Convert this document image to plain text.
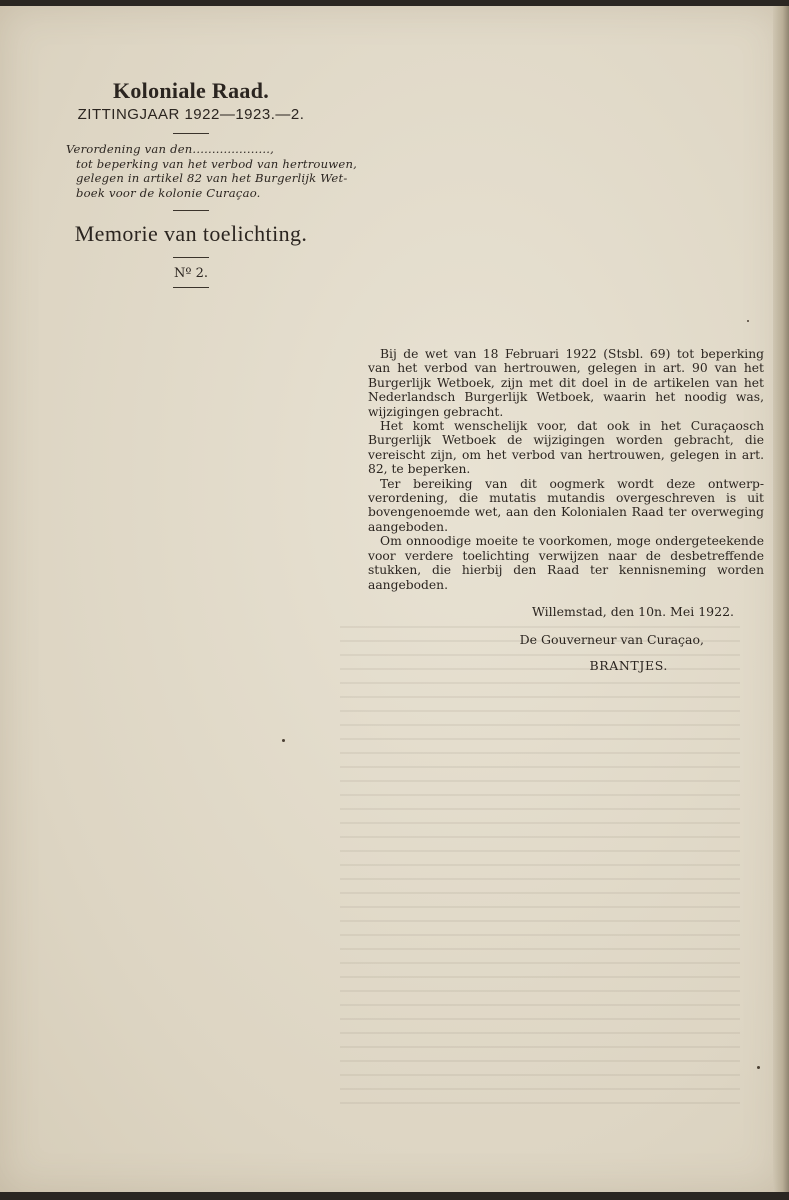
Koloniale Raad.
ZITTINGJAAR 1922—1923.—2.
Verordening van den....................,
tot beperking van het verbod van hertrouwen,
gelegen in artikel 82 van het Burgerlijk Wet-
boek voor de kolonie Curaçao.
Memorie van toelichting.
Nº 2.

Bij de wet van 18 Februari 1922 (Stsbl. 69) tot beperking van het verbod van hertrouwen, gelegen in art. 90 van het Burgerlijk Wetboek, zijn met dit doel in de artikelen van het Nederlandsch Burgerlijk Wetboek, waarin het noodig was, wijzigingen gebracht.

Het komt wenschelijk voor, dat ook in het Curaçaosch Burgerlijk Wetboek de wijzigingen worden gebracht, die vereischt zijn, om het verbod van hertrouwen, gelegen in art. 82, te beperken.

Ter bereiking van dit oogmerk wordt deze ontwerp-verordening, die mutatis mutandis overgeschreven is uit bovengenoemde wet, aan den Kolonialen Raad ter overweging aangeboden.

Om onnoodige moeite te voorkomen, moge ondergeteekende voor verdere toelichting verwijzen naar de desbetreffende stukken, die hierbij den Raad ter kennisneming worden aangeboden.

Willemstad, den 10n. Mei 1922.
De Gouverneur van Curaçao,
BRANTJES.
